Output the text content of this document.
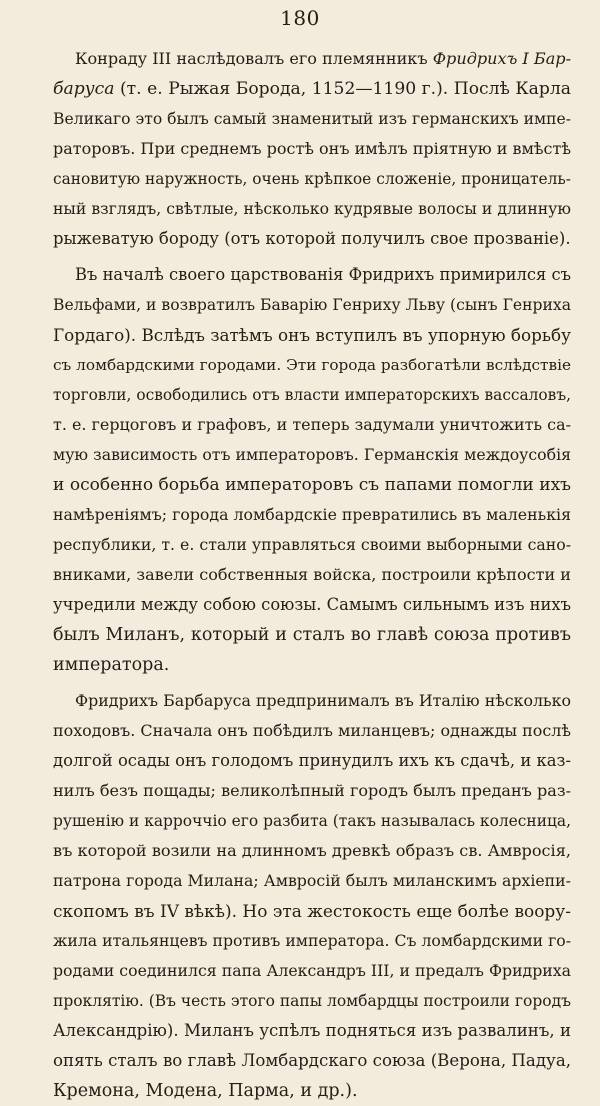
180
Конраду III наслѣдовалъ его племянникъ Фридрихъ I Бар-
баруса (т. е. Рыжая Борода, 1152—1190 г.). Послѣ Карла
Великаго это былъ самый знаменитый изъ германскихъ импе-
раторовъ. При среднемъ ростѣ онъ имѣлъ пріятную и вмѣстѣ
сановитую наружность, очень крѣпкое сложеніе, проницатель-
ный взглядъ, свѣтлые, нѣсколько кудрявые волосы и длинную
рыжеватую бороду (отъ которой получилъ свое прозваніе).
Въ началѣ своего царствованія Фридрихъ примирился съ
Вельфами, и возвратилъ Баварію Генриху Льву (сынъ Генриха
Гордаго). Вслѣдъ затѣмъ онъ вступилъ въ упорную борьбу
съ ломбардскими городами. Эти города разбогатѣли вслѣдствіе
торговли, освободились отъ власти императорскихъ вассаловъ,
т. е. герцоговъ и графовъ, и теперь задумали уничтожить са-
мую зависимость отъ императоровъ. Германскія междоусобія
и особенно борьба императоровъ съ папами помогли ихъ
намѣреніямъ; города ломбардскіе превратились въ маленькія
республики, т. е. стали управляться своими выборными сано-
вниками, завели собственныя войска, построили крѣпости и
учредили между собою союзы. Самымъ сильнымъ изъ нихъ
былъ Миланъ, который и сталъ во главѣ союза противъ
императора.
Фридрихъ Барбаруса предпринималъ въ Италію нѣсколько
походовъ. Сначала онъ побѣдилъ миланцевъ; однажды послѣ
долгой осады онъ голодомъ принудилъ ихъ къ сдачѣ, и каз-
нилъ безъ пощады; великолѣпный городъ былъ преданъ раз-
рушенію и карроччіо его разбита (такъ называлась колесница,
въ которой возили на длинномъ древкѣ образъ св. Амвросія,
патрона города Милана; Амвросій былъ миланскимъ архіепи-
скопомъ въ IV вѣкѣ). Но эта жестокость еще болѣе воору-
жила итальянцевъ противъ императора. Съ ломбардскими го-
родами соединился папа Александръ III, и предалъ Фридриха
проклятію. (Въ честь этого папы ломбардцы построили городъ
Александрію). Миланъ успѣлъ подняться изъ развалинъ, и
опять сталъ во главѣ Ломбардскаго союза (Верона, Падуа,
Кремона, Модена, Парма, и др.).
